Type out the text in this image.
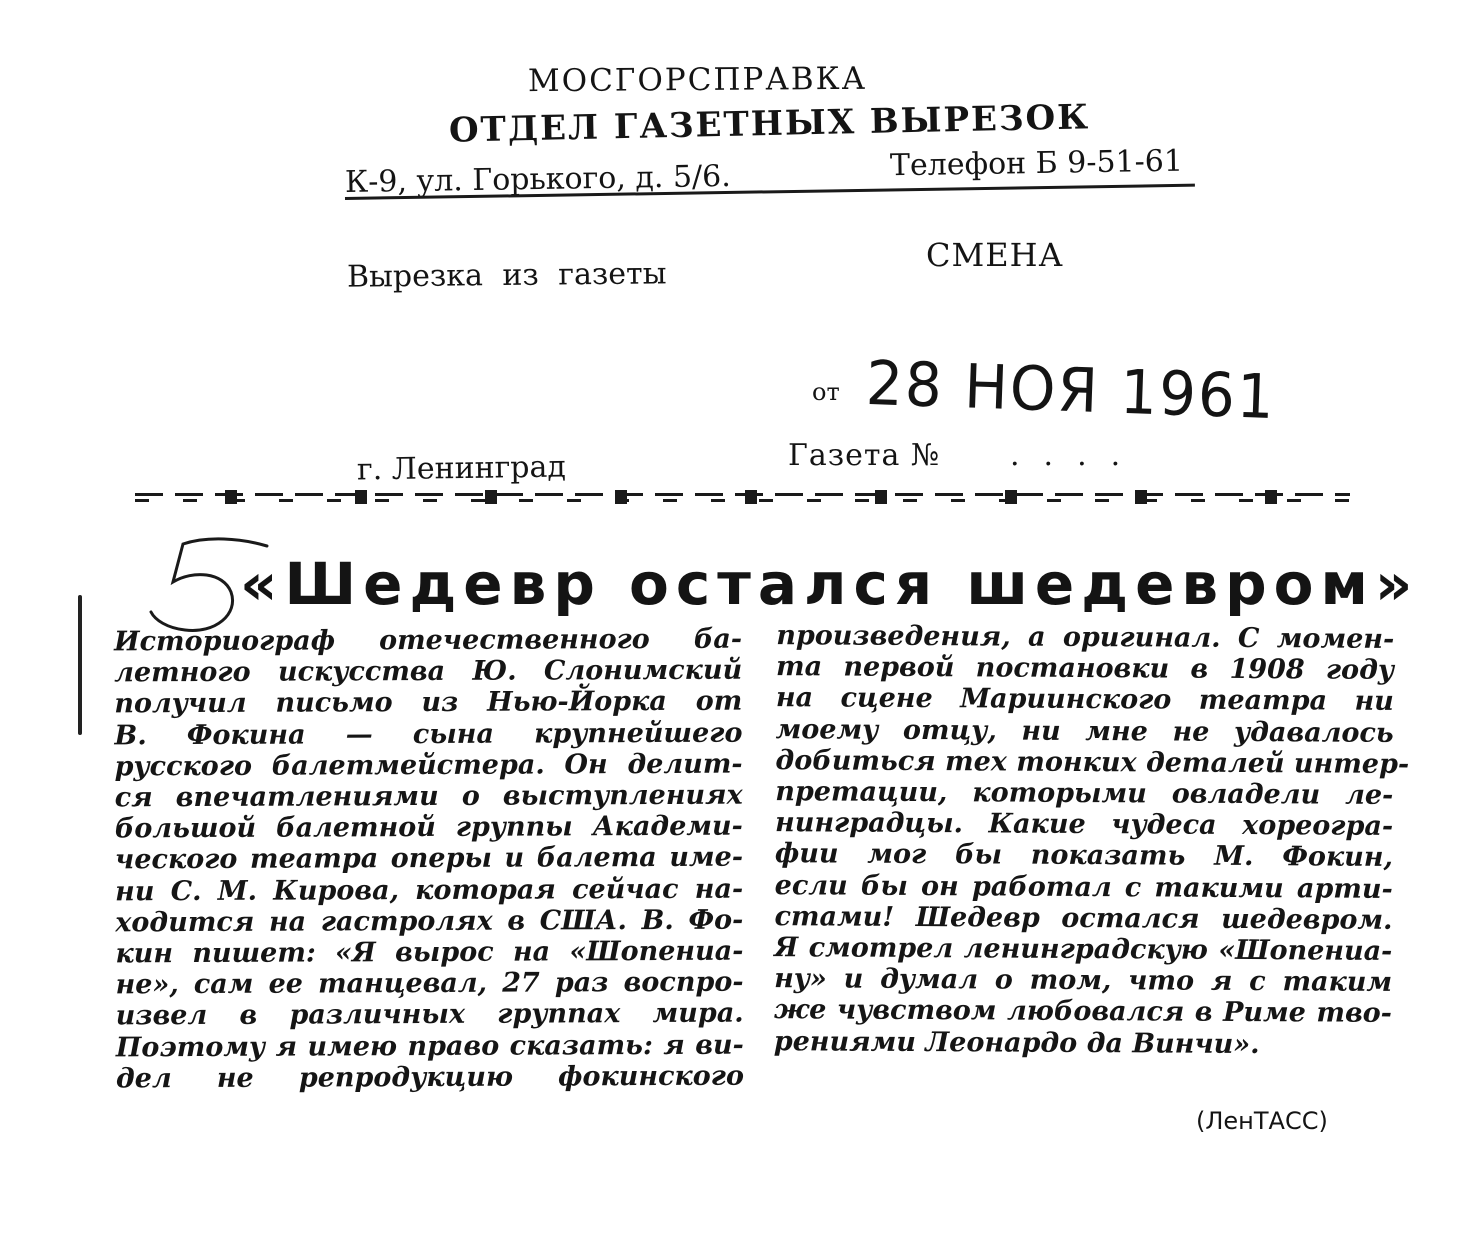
МОСГОРСПРАВКА
ОТДЕЛ ГАЗЕТНЫХ ВЫРЕЗОК
К-9, ул. Горького, д. 5/6.	Телефон Б 9-51-61
Вырезка из газеты
СМЕНА
от 28 НОЯ 1961
г. Ленинград	Газета № ....
«Шедевр остался шедевром»
Историограф отечественного ба-
летного искусства Ю. Слонимский
получил письмо из Нью-Йорка от
В. Фокина — сына крупнейшего
русского балетмейстера. Он делит-
ся впечатлениями о выступлениях
большой балетной группы Академи-
ческого театра оперы и балета име-
ни С. М. Кирова, которая сейчас на-
ходится на гастролях в США. В. Фо-
кин пишет: «Я вырос на «Шопениа-
не», сам ее танцевал, 27 раз воспро-
извел в различных группах мира.
Поэтому я имею право сказать: я ви-
дел не репродукцию фокинского
произведения, а оригинал. С момен-
та первой постановки в 1908 году
на сцене Мариинского театра ни
моему отцу, ни мне не удавалось
добиться тех тонких деталей интер-
претации, которыми овладели ле-
нинградцы. Какие чудеса хореогра-
фии мог бы показать М. Фокин,
если бы он работал с такими арти-
стами! Шедевр остался шедевром.
Я смотрел ленинградскую «Шопениа-
ну» и думал о том, что я с таким
же чувством любовался в Риме тво-
рениями Леонардо да Винчи».
(ЛенТАСС)
